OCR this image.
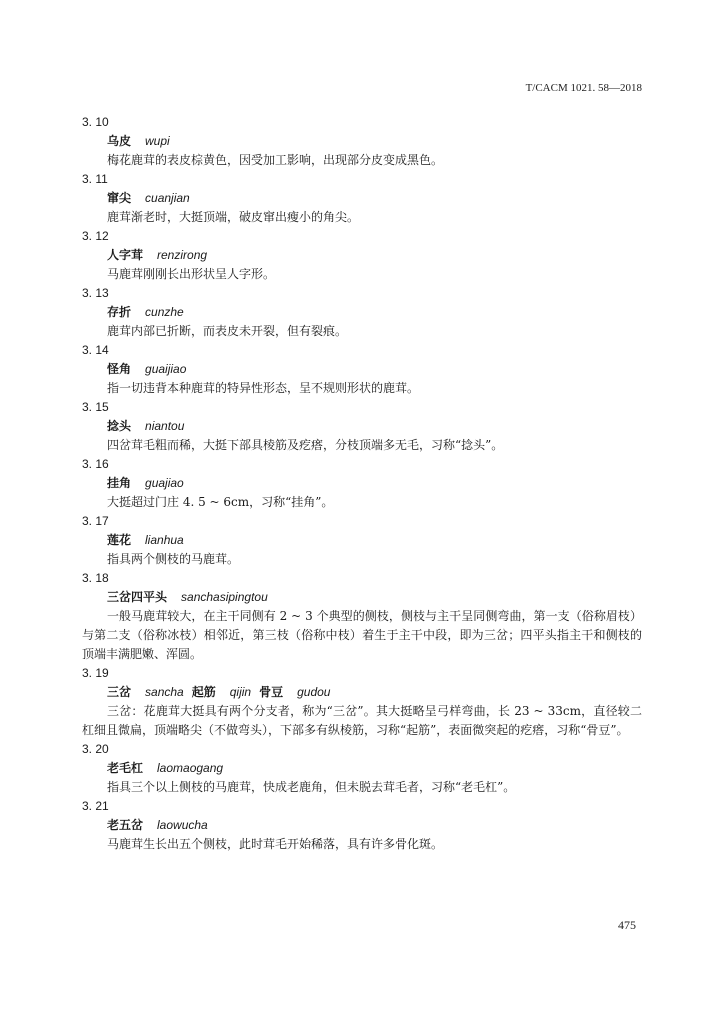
T/CACM 1021. 58—2018
3. 10
乌皮 wupi
梅花鹿茸的表皮棕黄色，因受加工影响，出现部分皮变成黑色。
3. 11
窜尖 cuanjian
鹿茸渐老时，大挺顶端，破皮窜出瘦小的角尖。
3. 12
人字茸 renzirong
马鹿茸刚刚长出形状呈人字形。
3. 13
存折 cunzhe
鹿茸内部已折断，而表皮未开裂，但有裂痕。
3. 14
怪角 guaijiao
指一切违背本种鹿茸的特异性形态，呈不规则形状的鹿茸。
3. 15
捻头 niantou
四岔茸毛粗而稀，大挺下部具棱筋及疙瘩，分枝顶端多无毛，习称“捻头”。
3. 16
挂角 guajiao
大挺超过门庄 4. 5 ~ 6cm，习称“挂角”。
3. 17
莲花 lianhua
指具两个侧枝的马鹿茸。
3. 18
三岔四平头 sanchasipingtou
一般马鹿茸较大，在主干同侧有 2 ~ 3 个典型的侧枝，侧枝与主干呈同侧弯曲，第一支（俗称眉枝）与第二支（俗称冰枝）相邻近，第三枝（俗称中枝）着生于主干中段，即为三岔；四平头指主干和侧枝的顶端丰满肥嫩、浑圆。
3. 19
三岔 sancha 起筋 qijin 骨豆 gudou
三岔：花鹿茸大挺具有两个分支者，称为“三岔”。其大挺略呈弓样弯曲，长 23 ~ 33cm，直径较二杠细且微扁，顶端略尖（不做弯头），下部多有纵棱筋，习称“起筋”，表面微突起的疙瘩，习称“骨豆”。
3. 20
老毛杠 laomaogang
指具三个以上侧枝的马鹿茸，快成老鹿角，但未脱去茸毛者，习称“老毛杠”。
3. 21
老五岔 laowucha
马鹿茸生长出五个侧枝，此时茸毛开始稀落，具有许多骨化斑。
475
